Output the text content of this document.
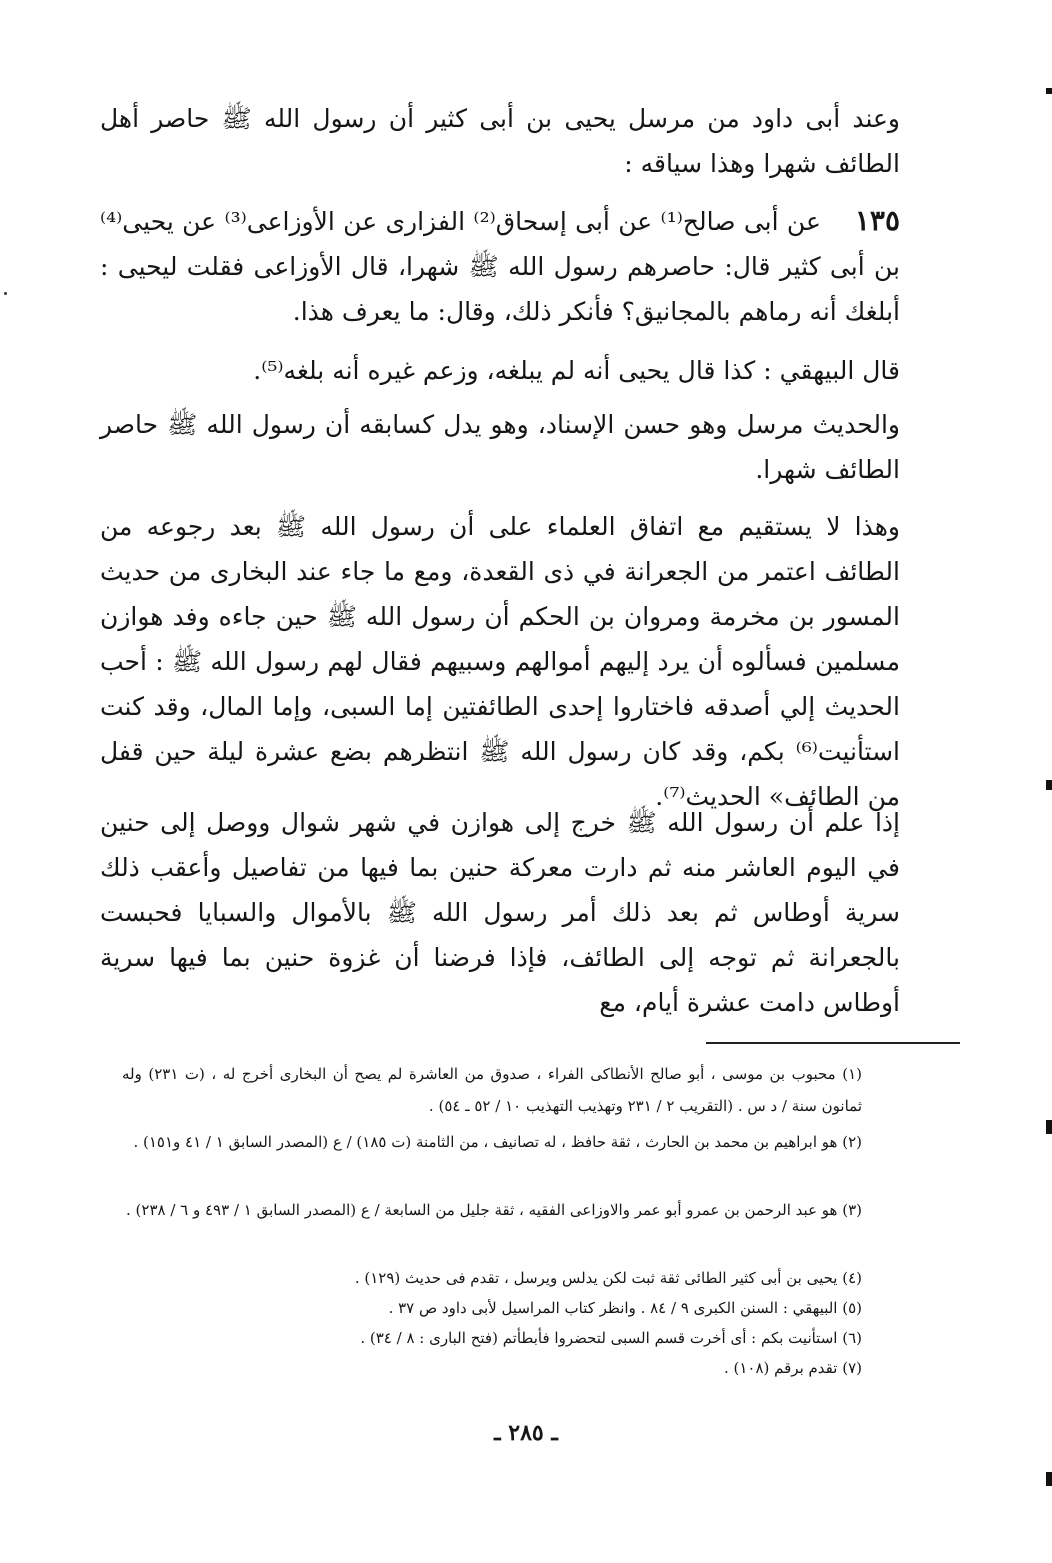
وعند أبى داود من مرسل يحيى بن أبى كثير أن رسول الله ﷺ حاصر أهل الطائف شهرا وهذا سياقه :

١٣٥عن أبى صالح⁽¹⁾ عن أبى إسحاق⁽²⁾ الفزارى عن الأوزاعى⁽³⁾ عن يحيى⁽⁴⁾ بن أبى كثير قال: حاصرهم رسول الله ﷺ شهرا، قال الأوزاعى فقلت ليحيى : أبلغك أنه رماهم بالمجانيق؟ فأنكر ذلك، وقال: ما يعرف هذا.

قال البيهقي : كذا قال يحيى أنه لم يبلغه، وزعم غيره أنه بلغه⁽⁵⁾.

والحديث مرسل وهو حسن الإسناد، وهو يدل كسابقه أن رسول الله ﷺ حاصر الطائف شهرا.

وهذا لا يستقيم مع اتفاق العلماء على أن رسول الله ﷺ بعد رجوعه من الطائف اعتمر من الجعرانة في ذى القعدة، ومع ما جاء عند البخارى من حديث المسور بن مخرمة ومروان بن الحكم أن رسول الله ﷺ حين جاءه وفد هوازن مسلمين فسألوه أن يرد إليهم أموالهم وسبيهم فقال لهم رسول الله ﷺ : أحب الحديث إلي أصدقه فاختاروا إحدى الطائفتين إما السبى، وإما المال، وقد كنت استأنيت⁽⁶⁾ بكم، وقد كان رسول الله ﷺ انتظرهم بضع عشرة ليلة حين قفل من الطائف» الحديث⁽⁷⁾.

إذا علم أن رسول الله ﷺ خرج إلى هوازن في شهر شوال ووصل إلى حنين في اليوم العاشر منه ثم دارت معركة حنين بما فيها من تفاصيل وأعقب ذلك سرية أوطاس ثم بعد ذلك أمر رسول الله ﷺ بالأموال والسبايا فحبست بالجعرانة ثم توجه إلى الطائف، فإذا فرضنا أن غزوة حنين بما فيها سرية أوطاس دامت عشرة أيام، مع

(١) محبوب بن موسى ، أبو صالح الأنطاكى الفراء ، صدوق من العاشرة لم يصح أن البخارى أخرج له ، (ت ٢٣١) وله ثمانون سنة / د س . (التقريب ٢ / ٢٣١ وتهذيب التهذيب ١٠ / ٥٢ ـ ٥٤) .

(٢) هو ابراهيم بن محمد بن الحارث ، ثقة حافظ ، له تصانيف ، من الثامنة (ت ١٨٥) / ع (المصدر السابق ١ / ٤١ و١٥١) .

(٣) هو عبد الرحمن بن عمرو أبو عمر والاوزاعى الفقيه ، ثقة جليل من السابعة / ع (المصدر السابق ١ / ٤٩٣ و ٦ / ٢٣٨) .

(٤) يحيى بن أبى كثير الطائى ثقة ثبت لكن يدلس ويرسل ، تقدم فى حديث (١٢٩) .

(٥) البيهقي : السنن الكبرى ٩ / ٨٤ . وانظر كتاب المراسيل لأبى داود ص ٣٧ .

(٦) استأنيت بكم : أى أخرت قسم السبى لتحضروا فأبطأتم (فتح البارى : ٨ / ٣٤) .

(٧) تقدم برقم (١٠٨) .

ـ ٢٨٥ ـ
